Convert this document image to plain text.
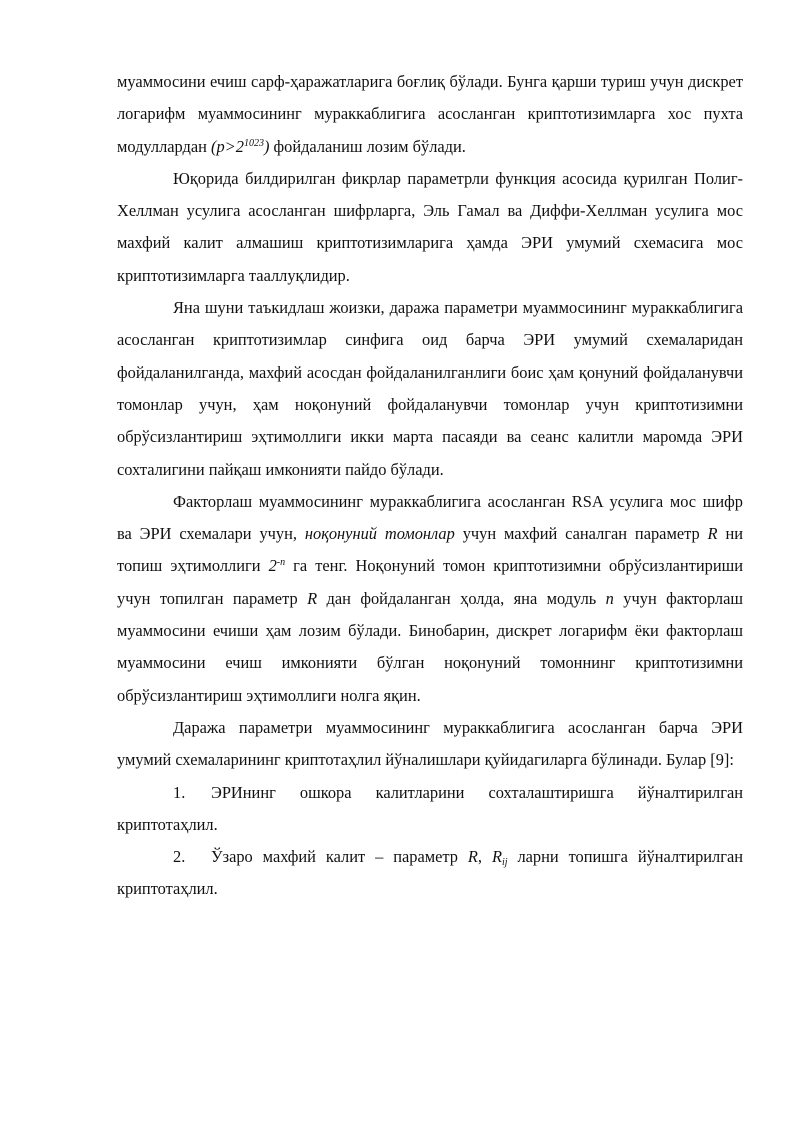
муаммосини ечиш сарф-ҳаражатларига боғлиқ бўлади. Бунга қарши туриш учун дискрет логарифм муаммосининг мураккаблигига асосланган криптотизимларга хос пухта модуллардан $(p>2^{1023})$ фойдаланиш лозим бўлади.

Юқорида билдирилган фикрлар параметрли функция асосида қурилган Полиг-Хеллман усулига асосланган шифрларга, Эль Гамал ва Диффи-Хеллман усулига мос махфий калит алмашиш криптотизимларига ҳамда ЭРИ умумий схемасига мос криптотизимларга тааллуқлидир.

Яна шуни таъкидлаш жоизки, даража параметри муаммосининг мураккаблигига асосланган криптотизимлар синфига оид барча ЭРИ умумий схемаларидан фойдаланилганда, махфий асосдан фойдаланилганлиги боис ҳам қонуний фойдаланувчи томонлар учун, ҳам ноқонуний фойдаланувчи томонлар учун криптотизимни обрўсизлантириш эҳтимоллиги икки марта пасаяди ва сеанс калитли маромда ЭРИ сохталигини пайқаш имконияти пайдо бўлади.

Факторлаш муаммосининг мураккаблигига асосланган RSA усулига мос шифр ва ЭРИ схемалари учун, ноқонуний томонлар учун махфий саналган параметр R ни топиш эҳтимоллиги $2^{-n}$ га тенг. Ноқонуний томон криптотизимни обрўсизлантириши учун топилган параметр R дан фойдаланган ҳолда, яна модуль n учун факторлаш муаммосини ечиши ҳам лозим бўлади. Бинобарин, дискрет логарифм ёки факторлаш муаммосини ечиш имконияти бўлган ноқонуний томоннинг криптотизимни обрўсизлантириш эҳтимоллиги нолга яқин.

Даража параметри муаммосининг мураккаблигига асосланган барча ЭРИ умумий схемаларининг криптотаҳлил йўналишлари қуйидагиларга бўлинади. Булар [9]:

1. ЭРИнинг ошкора калитларини сохталаштиришга йўналтирилган криптотаҳлил.

2. Ўзаро махфий калит – параметр R, $R_{ij}$ ларни топишга йўналтирилган криптотаҳлил.
